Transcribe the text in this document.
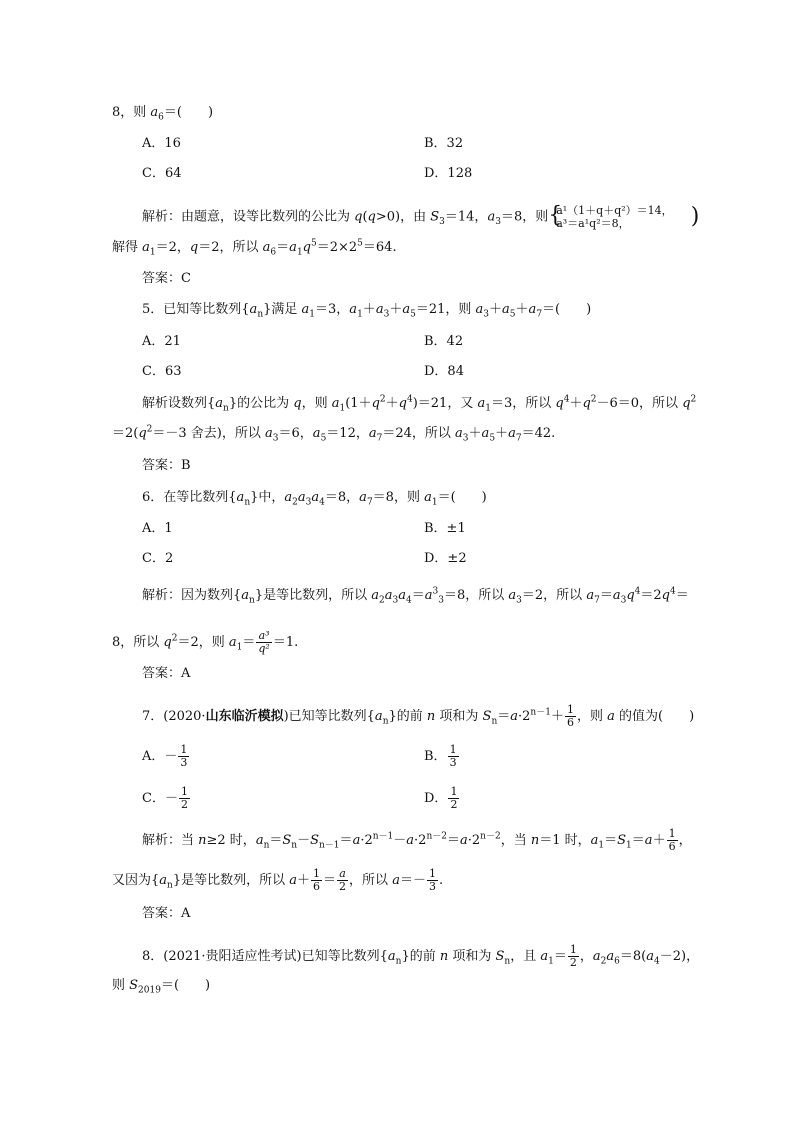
8，则 $a_6=$(　　)
A．16	B．32
C．64	D．128
解析：由题意，设等比数列的公比为 q(q>0)，由 $S_3=14$，$a_3=8$，则 {
a¹（1＋q＋q²）＝14，
a³＝a¹q²＝8，	)
解得 $a_1=2$，q＝2，所以 $a_6=a_1q^5=2\times 2^5=64$.
答案：C
5．已知等比数列$\{a_n\}$满足 $a_1=3$，$a_1+a_3+a_5=21$，则 $a_3+a_5+a_7=$(　　)
A．21	B．42
C．63	D．84
解析设数列$\{a_n\}$的公比为 q，则 $a_1(1+q^2+q^4)=21$，又 $a_1=3$，所以 $q^4+q^2-6=0$，所以 $q^2$
$=2(q^2=-3$ 舍去)，所以 $a_3=6$，$a_5=12$，$a_7=24$，所以 $a_3+a_5+a_7=42$.
答案：B
6．在等比数列$\{a_n\}$中，$a_2a_3a_4=8$，$a_7=8$，则 $a_1=$(　　)
A．1	B．±1
C．2	D．±2
解析：因为数列$\{a_n\}$是等比数列，所以 $a_2a_3a_4=a^3_3=8$，所以 $a_3=2$，所以 $a_7=a_3q^4=2q^4=$
8，所以 $q^2=2$，则 $a_1= \frac{\text{a³}}{\text{q²}} =1$.
答案：A
7．(2020·山东临沂模拟)已知等比数列$\{a_n\}$的前 n 项和为 $S_n=a\cdot 2^{n-1}+ \frac{1}{6}$ ，则 a 的值为(　　)
A．－ $\frac{1}{3}$	B． $\frac{1}{3}$
C．－ $\frac{1}{2}$	D． $\frac{1}{2}$
解析：当 n≥2 时，$a_n=S_n-S_{n-1}=a\cdot 2^{n-1}-a\cdot 2^{n-2}=a\cdot 2^{n-2}$，当 n＝1 时，$a_1=S_1=a+ \frac{1}{6}$ ，
又因为$\{a_n\}$是等比数列，所以 $a+ \frac{1}{6} = \frac{a}{2}$ ，所以 $a=- \frac{1}{3}$ .
答案：A
8．(2021·贵阳适应性考试)已知等比数列$\{a_n\}$的前 n 项和为 $S_n$，且 $a_1= \frac{1}{2}$ ，$a_2a_6=8(a_4-2)$，
则 $S_{2019}=$(　　)
